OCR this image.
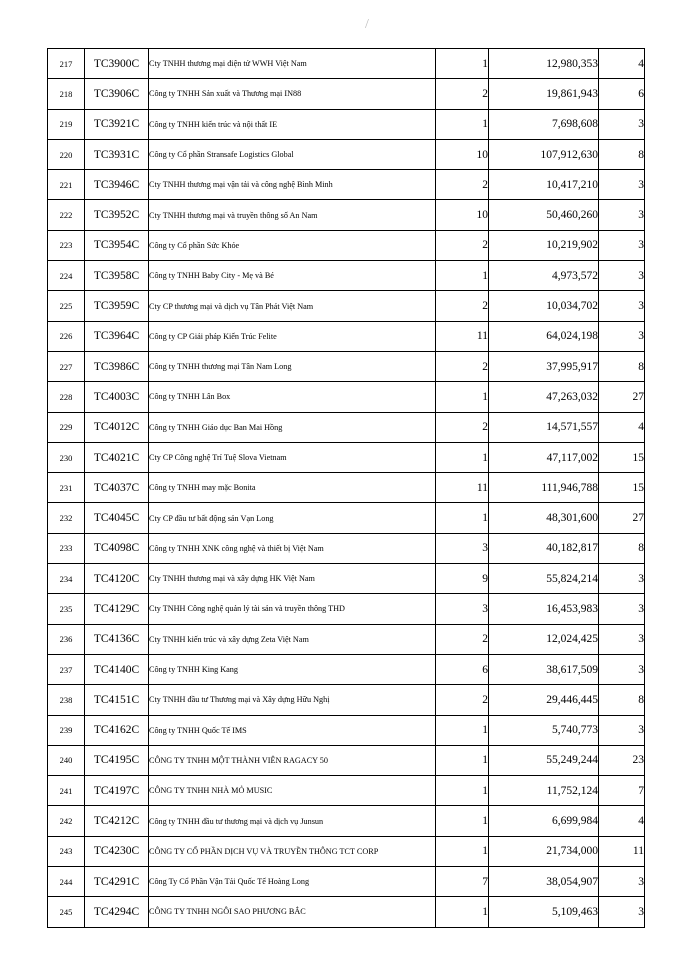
/
217	TC3900C	Cty TNHH thương mại điện tử WWH Việt Nam	1	12,980,353	4
218	TC3906C	Công ty TNHH Sản xuất và Thương mại IN88	2	19,861,943	6
219	TC3921C	Công ty TNHH kiến trúc và nội thất IE	1	7,698,608	3
220	TC3931C	Công ty Cổ phần Stransafe Logistics Global	10	107,912,630	8
221	TC3946C	Cty TNHH thương mại vận tải và công nghệ Bình Minh	2	10,417,210	3
222	TC3952C	Cty TNHH thương mại và truyền thông số An Nam	10	50,460,260	3
223	TC3954C	Công ty Cổ phần Sức Khỏe	2	10,219,902	3
224	TC3958C	Công ty TNHH Baby City - Mẹ và Bé	1	4,973,572	3
225	TC3959C	Cty CP thương mại và dịch vụ Tân Phát Việt Nam	2	10,034,702	3
226	TC3964C	Công ty CP Giải pháp Kiến Trúc Felite	11	64,024,198	3
227	TC3986C	Công ty TNHH thương mại Tân Nam Long	2	37,995,917	8
228	TC4003C	Công ty TNHH Lân Box	1	47,263,032	27
229	TC4012C	Công ty TNHH Giáo dục Ban Mai Hồng	2	14,571,557	4
230	TC4021C	Cty CP Công nghệ Trí Tuệ Slova Vietnam	1	47,117,002	15
231	TC4037C	Công ty TNHH may mặc Bonita	11	111,946,788	15
232	TC4045C	Cty CP đầu tư bất động sản Vạn Long	1	48,301,600	27
233	TC4098C	Công ty TNHH XNK công nghệ và thiết bị Việt Nam	3	40,182,817	8
234	TC4120C	Cty TNHH thương mại và xây dựng HK Việt Nam	9	55,824,214	3
235	TC4129C	Cty TNHH Công nghệ quản lý tài sản và truyền thông THD	3	16,453,983	3
236	TC4136C	Cty TNHH kiến trúc và xây dựng Zeta Việt Nam	2	12,024,425	3
237	TC4140C	Công ty TNHH King Kang	6	38,617,509	3
238	TC4151C	Cty TNHH đầu tư Thương mại và Xây dựng Hữu Nghị	2	29,446,445	8
239	TC4162C	Công ty TNHH Quốc Tế IMS	1	5,740,773	3
240	TC4195C	CÔNG TY TNHH MỘT THÀNH VIÊN RAGACY 50	1	55,249,244	23
241	TC4197C	CÔNG TY TNHH NHÀ MỎ MUSIC	1	11,752,124	7
242	TC4212C	Công ty TNHH đầu tư thương mại và dịch vụ Junsun	1	6,699,984	4
243	TC4230C	CÔNG TY CỔ PHẦN DỊCH VỤ VÀ TRUYỀN THÔNG TCT CORP	1	21,734,000	11
244	TC4291C	Công Ty Cổ Phần Vận Tải Quốc Tế Hoàng Long	7	38,054,907	3
245	TC4294C	CÔNG TY TNHH NGÔI SAO PHƯƠNG BẮC	1	5,109,463	3
